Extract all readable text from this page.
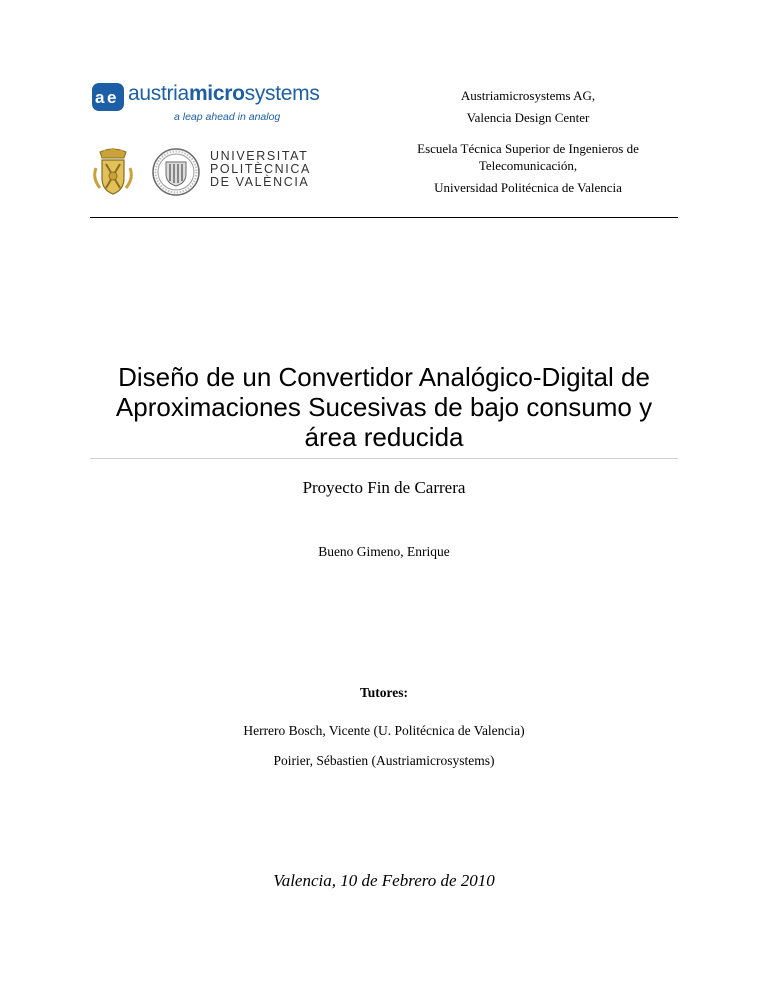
a e austriamicrosystems
a leap ahead in analog
UNIVERSITAT
POLITÈCNICA
DE VALÈNCIA
Austriamicrosystems AG,
Valencia Design Center
Escuela Técnica Superior de Ingenieros de Telecomunicación,
Universidad Politécnica de Valencia
Diseño de un Convertidor Analógico-Digital de Aproximaciones Sucesivas de bajo consumo y área reducida
Proyecto Fin de Carrera
Bueno Gimeno, Enrique
Tutores:
Herrero Bosch, Vicente (U. Politécnica de Valencia)
Poirier, Sébastien (Austriamicrosystems)
Valencia, 10 de Febrero de 2010
